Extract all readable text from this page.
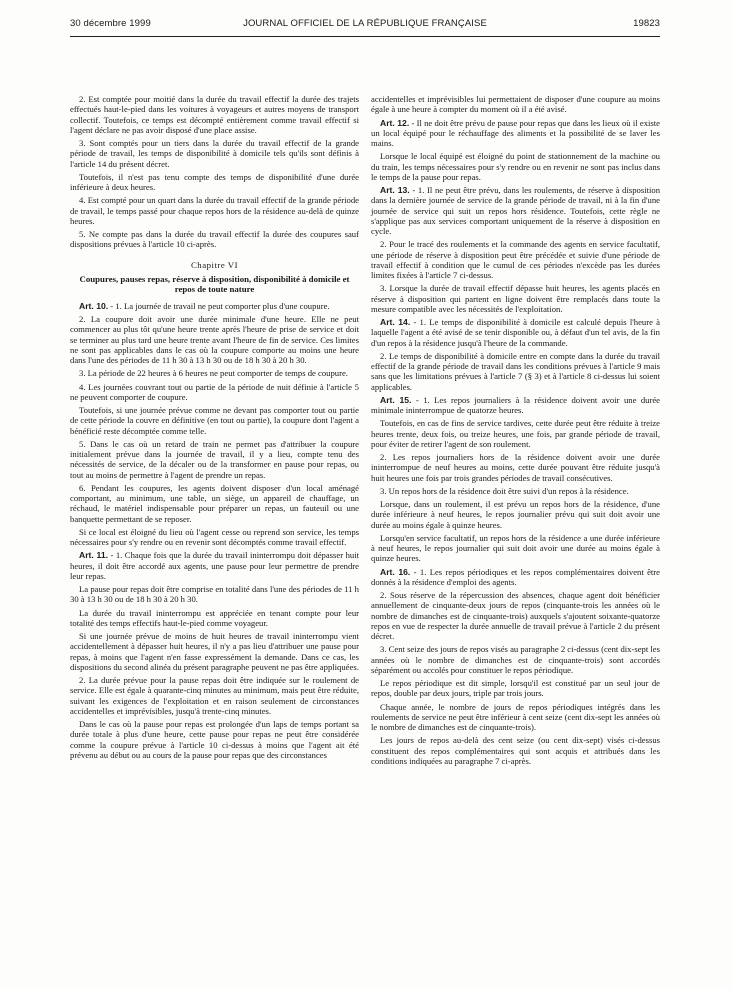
30 décembre 1999	JOURNAL OFFICIEL DE LA RÉPUBLIQUE FRANÇAISE	19823

2. Est comptée pour moitié dans la durée du travail effectif la durée des trajets effectués haut-le-pied dans les voitures à voyageurs et autres moyens de transport collectif. Toutefois, ce temps est décompté entièrement comme travail effectif si l'agent déclare ne pas avoir disposé d'une place assise.

3. Sont comptés pour un tiers dans la durée du travail effectif de la grande période de travail, les temps de disponibilité à domicile tels qu'ils sont définis à l'article 14 du présent décret.

Toutefois, il n'est pas tenu compte des temps de disponibilité d'une durée inférieure à deux heures.

4. Est compté pour un quart dans la durée du travail effectif de la grande période de travail, le temps passé pour chaque repos hors de la résidence au-delà de quinze heures.

5. Ne compte pas dans la durée du travail effectif la durée des coupures sauf dispositions prévues à l'article 10 ci-après.

Chapitre VI
Coupures, pauses repas, réserve à disposition, disponibilité à domicile et repos de toute nature

Art. 10. - 1. La journée de travail ne peut comporter plus d'une coupure.

2. La coupure doit avoir une durée minimale d'une heure. Elle ne peut commencer au plus tôt qu'une heure trente après l'heure de prise de service et doit se terminer au plus tard une heure trente avant l'heure de fin de service. Ces limites ne sont pas applicables dans le cas où la coupure comporte au moins une heure dans l'une des périodes de 11 h 30 à 13 h 30 ou de 18 h 30 à 20 h 30.

3. La période de 22 heures à 6 heures ne peut comporter de temps de coupure.

4. Les journées couvrant tout ou partie de la période de nuit définie à l'article 5 ne peuvent comporter de coupure.

Toutefois, si une journée prévue comme ne devant pas comporter tout ou partie de cette période la couvre en définitive (en tout ou partie), la coupure dont l'agent a bénéficié reste décomptée comme telle.

5. Dans le cas où un retard de train ne permet pas d'attribuer la coupure initialement prévue dans la journée de travail, il y a lieu, compte tenu des nécessités de service, de la décaler ou de la transformer en pause pour repas, ou tout au moins de permettre à l'agent de prendre un repas.

6. Pendant les coupures, les agents doivent disposer d'un local aménagé comportant, au minimum, une table, un siège, un appareil de chauffage, un réchaud, le matériel indispensable pour préparer un repas, un fauteuil ou une banquette permettant de se reposer.

Si ce local est éloigné du lieu où l'agent cesse ou reprend son service, les temps nécessaires pour s'y rendre ou en revenir sont décomptés comme travail effectif.

Art. 11. - 1. Chaque fois que la durée du travail ininterrompu doit dépasser huit heures, il doit être accordé aux agents, une pause pour leur permettre de prendre leur repas.

La pause pour repas doit être comprise en totalité dans l'une des périodes de 11 h 30 à 13 h 30 ou de 18 h 30 à 20 h 30.

La durée du travail ininterrompu est appréciée en tenant compte pour leur totalité des temps effectifs haut-le-pied comme voyageur.

Si une journée prévue de moins de huit heures de travail ininterrompu vient accidentellement à dépasser huit heures, il n'y a pas lieu d'attribuer une pause pour repas, à moins que l'agent n'en fasse expressément la demande. Dans ce cas, les dispositions du second alinéa du présent paragraphe peuvent ne pas être appliquées.

2. La durée prévue pour la pause repas doit être indiquée sur le roulement de service. Elle est égale à quarante-cinq minutes au minimum, mais peut être réduite, suivant les exigences de l'exploitation et en raison seulement de circonstances accidentelles et imprévisibles, jusqu'à trente-cinq minutes.

Dans le cas où la pause pour repas est prolongée d'un laps de temps portant sa durée totale à plus d'une heure, cette pause pour repas ne peut être considérée comme la coupure prévue à l'article 10 ci-dessus à moins que l'agent ait été prévenu au début ou au cours de la pause pour repas que des circonstances

accidentelles et imprévisibles lui permettaient de disposer d'une coupure au moins égale à une heure à compter du moment où il a été avisé.

Art. 12. - Il ne doit être prévu de pause pour repas que dans les lieux où il existe un local équipé pour le réchauffage des aliments et la possibilité de se laver les mains.

Lorsque le local équipé est éloigné du point de stationnement de la machine ou du train, les temps nécessaires pour s'y rendre ou en revenir ne sont pas inclus dans le temps de la pause pour repas.

Art. 13. - 1. Il ne peut être prévu, dans les roulements, de réserve à disposition dans la dernière journée de service de la grande période de travail, ni à la fin d'une journée de service qui suit un repos hors résidence. Toutefois, cette règle ne s'applique pas aux services comportant uniquement de la réserve à disposition en cycle.

2. Pour le tracé des roulements et la commande des agents en service facultatif, une période de réserve à disposition peut être précédée et suivie d'une période de travail effectif à condition que le cumul de ces périodes n'excède pas les durées limites fixées à l'article 7 ci-dessus.

3. Lorsque la durée de travail effectif dépasse huit heures, les agents placés en réserve à disposition qui partent en ligne doivent être remplacés dans toute la mesure compatible avec les nécessités de l'exploitation.

Art. 14. - 1. Le temps de disponibilité à domicile est calculé depuis l'heure à laquelle l'agent a été avisé de se tenir disponible ou, à défaut d'un tel avis, de la fin d'un repos à la résidence jusqu'à l'heure de la commande.

2. Le temps de disponibilité à domicile entre en compte dans la durée du travail effectif de la grande période de travail dans les conditions prévues à l'article 9 mais sans que les limitations prévues à l'article 7 (§ 3) et à l'article 8 ci-dessus lui soient applicables.

Art. 15. - 1. Les repos journaliers à la résidence doivent avoir une durée minimale ininterrompue de quatorze heures.

Toutefois, en cas de fins de service tardives, cette durée peut être réduite à treize heures trente, deux fois, ou treize heures, une fois, par grande période de travail, pour éviter de retirer l'agent de son roulement.

2. Les repos journaliers hors de la résidence doivent avoir une durée ininterrompue de neuf heures au moins, cette durée pouvant être réduite jusqu'à huit heures une fois par trois grandes périodes de travail consécutives.

3. Un repos hors de la résidence doit être suivi d'un repos à la résidence.

Lorsque, dans un roulement, il est prévu un repos hors de la résidence, d'une durée inférieure à neuf heures, le repos journalier prévu qui suit doit avoir une durée au moins égale à quinze heures.

Lorsqu'en service facultatif, un repos hors de la résidence a une durée inférieure à neuf heures, le repos journalier qui suit doit avoir une durée au moins égale à quinze heures.

Art. 16. - 1. Les repos périodiques et les repos complémentaires doivent être donnés à la résidence d'emploi des agents.

2. Sous réserve de la répercussion des absences, chaque agent doit bénéficier annuellement de cinquante-deux jours de repos (cinquante-trois les années où le nombre de dimanches est de cinquante-trois) auxquels s'ajoutent soixante-quatorze repos en vue de respecter la durée annuelle de travail prévue à l'article 2 du présent décret.

3. Cent seize des jours de repos visés au paragraphe 2 ci-dessus (cent dix-sept les années où le nombre de dimanches est de cinquante-trois) sont accordés séparément ou accolés pour constituer le repos périodique.

Le repos périodique est dit simple, lorsqu'il est constitué par un seul jour de repos, double par deux jours, triple par trois jours.

Chaque année, le nombre de jours de repos périodiques intégrés dans les roulements de service ne peut être inférieur à cent seize (cent dix-sept les années où le nombre de dimanches est de cinquante-trois).

Les jours de repos au-delà des cent seize (ou cent dix-sept) visés ci-dessus constituent des repos complémentaires qui sont acquis et attribués dans les conditions indiquées au paragraphe 7 ci-après.
